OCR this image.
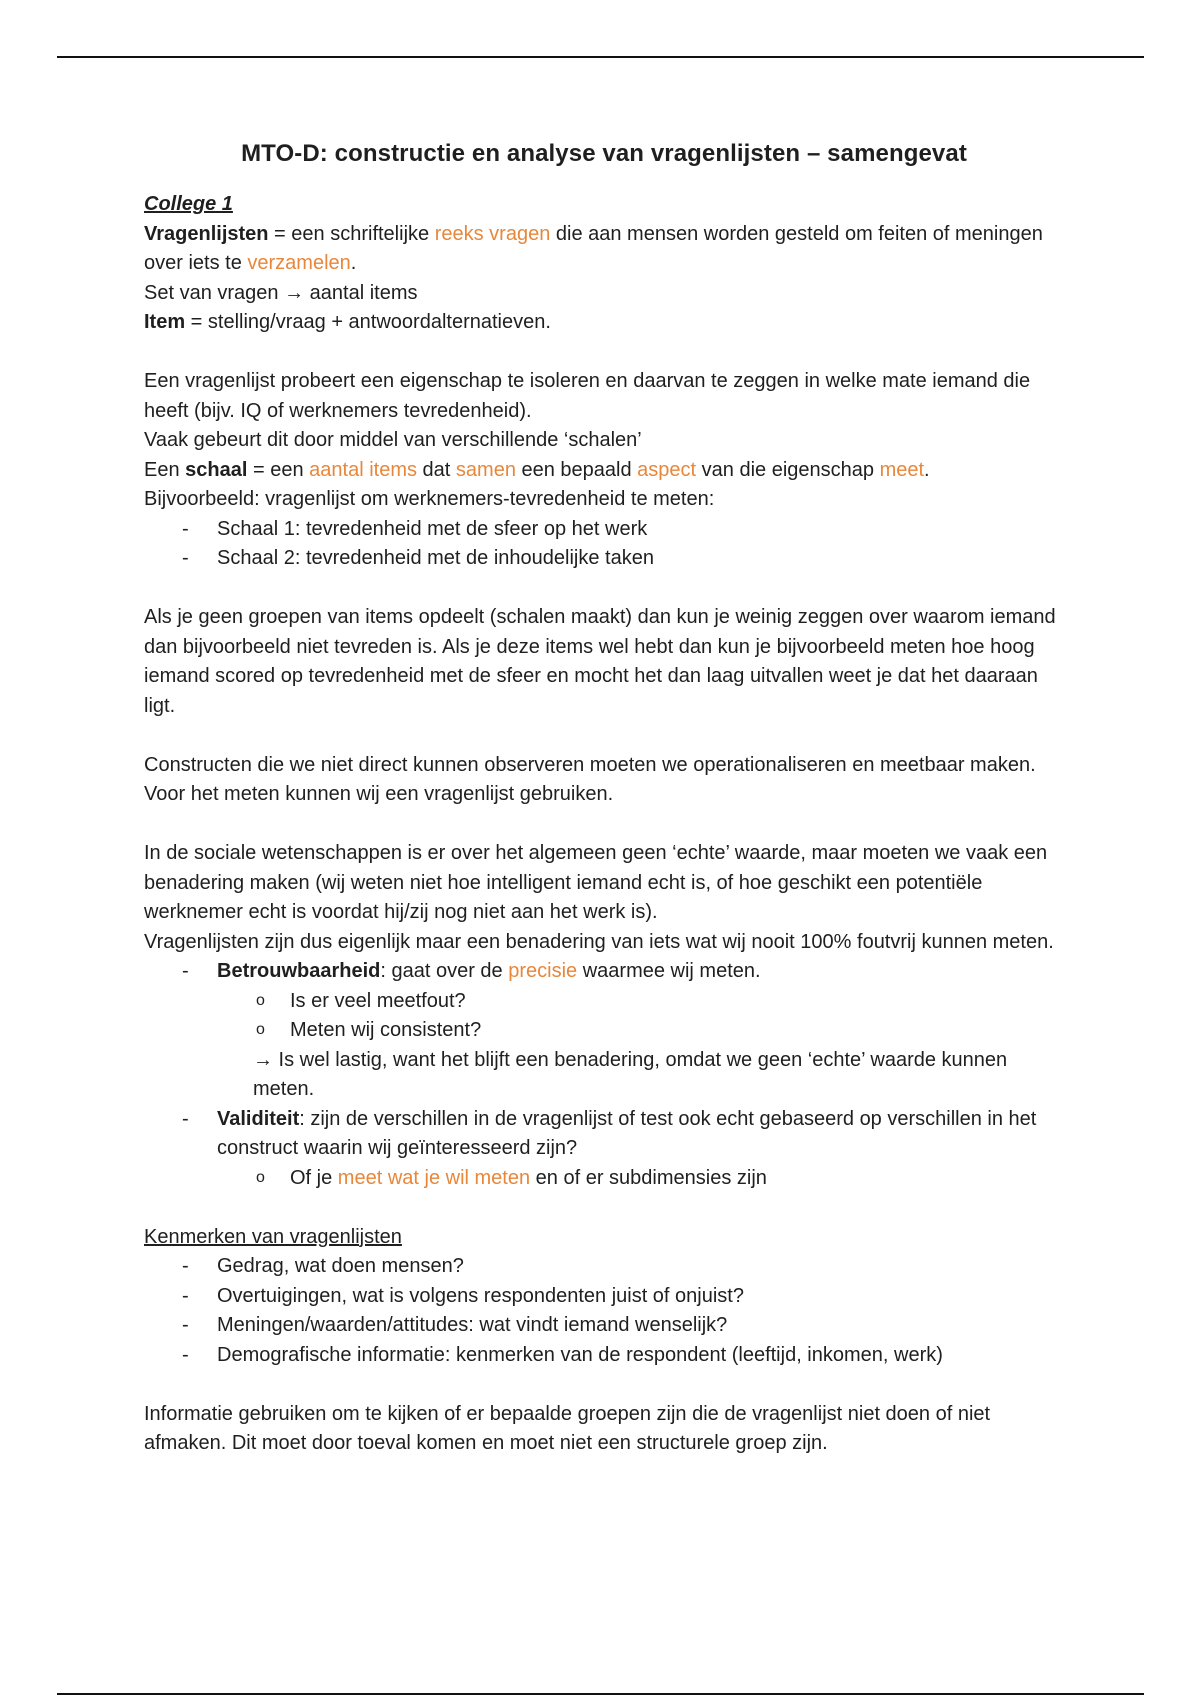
MTO-D: constructie en analyse van vragenlijsten – samengevat

College 1

Vragenlijsten = een schriftelijke reeks vragen die aan mensen worden gesteld om feiten of meningen over iets te verzamelen.

Set van vragen → aantal items

Item = stelling/vraag + antwoordalternatieven.

Een vragenlijst probeert een eigenschap te isoleren en daarvan te zeggen in welke mate iemand die heeft (bijv. IQ of werknemers tevredenheid).

Vaak gebeurt dit door middel van verschillende ‘schalen’

Een schaal = een aantal items dat samen een bepaald aspect van die eigenschap meet.

Bijvoorbeeld: vragenlijst om werknemers-tevredenheid te meten:

- Schaal 1: tevredenheid met de sfeer op het werk
- Schaal 2: tevredenheid met de inhoudelijke taken

Als je geen groepen van items opdeelt (schalen maakt) dan kun je weinig zeggen over waarom iemand dan bijvoorbeeld niet tevreden is. Als je deze items wel hebt dan kun je bijvoorbeeld meten hoe hoog iemand scored op tevredenheid met de sfeer en mocht het dan laag uitvallen weet je dat het daaraan ligt.

Constructen die we niet direct kunnen observeren moeten we operationaliseren en meetbaar maken. Voor het meten kunnen wij een vragenlijst gebruiken.

In de sociale wetenschappen is er over het algemeen geen ‘echte’ waarde, maar moeten we vaak een benadering maken (wij weten niet hoe intelligent iemand echt is, of hoe geschikt een potentiële werknemer echt is voordat hij/zij nog niet aan het werk is).

Vragenlijsten zijn dus eigenlijk maar een benadering van iets wat wij nooit 100% foutvrij kunnen meten.

- Betrouwbaarheid: gaat over de precisie waarmee wij meten.
o Is er veel meetfout?
o Meten wij consistent?

→ Is wel lastig, want het blijft een benadering, omdat we geen ‘echte’ waarde kunnen meten.

- Validiteit: zijn de verschillen in de vragenlijst of test ook echt gebaseerd op verschillen in het construct waarin wij geïnteresseerd zijn?
o Of je meet wat je wil meten en of er subdimensies zijn

Kenmerken van vragenlijsten

- Gedrag, wat doen mensen?
- Overtuigingen, wat is volgens respondenten juist of onjuist?
- Meningen/waarden/attitudes: wat vindt iemand wenselijk?
- Demografische informatie: kenmerken van de respondent (leeftijd, inkomen, werk)

Informatie gebruiken om te kijken of er bepaalde groepen zijn die de vragenlijst niet doen of niet afmaken. Dit moet door toeval komen en moet niet een structurele groep zijn.
